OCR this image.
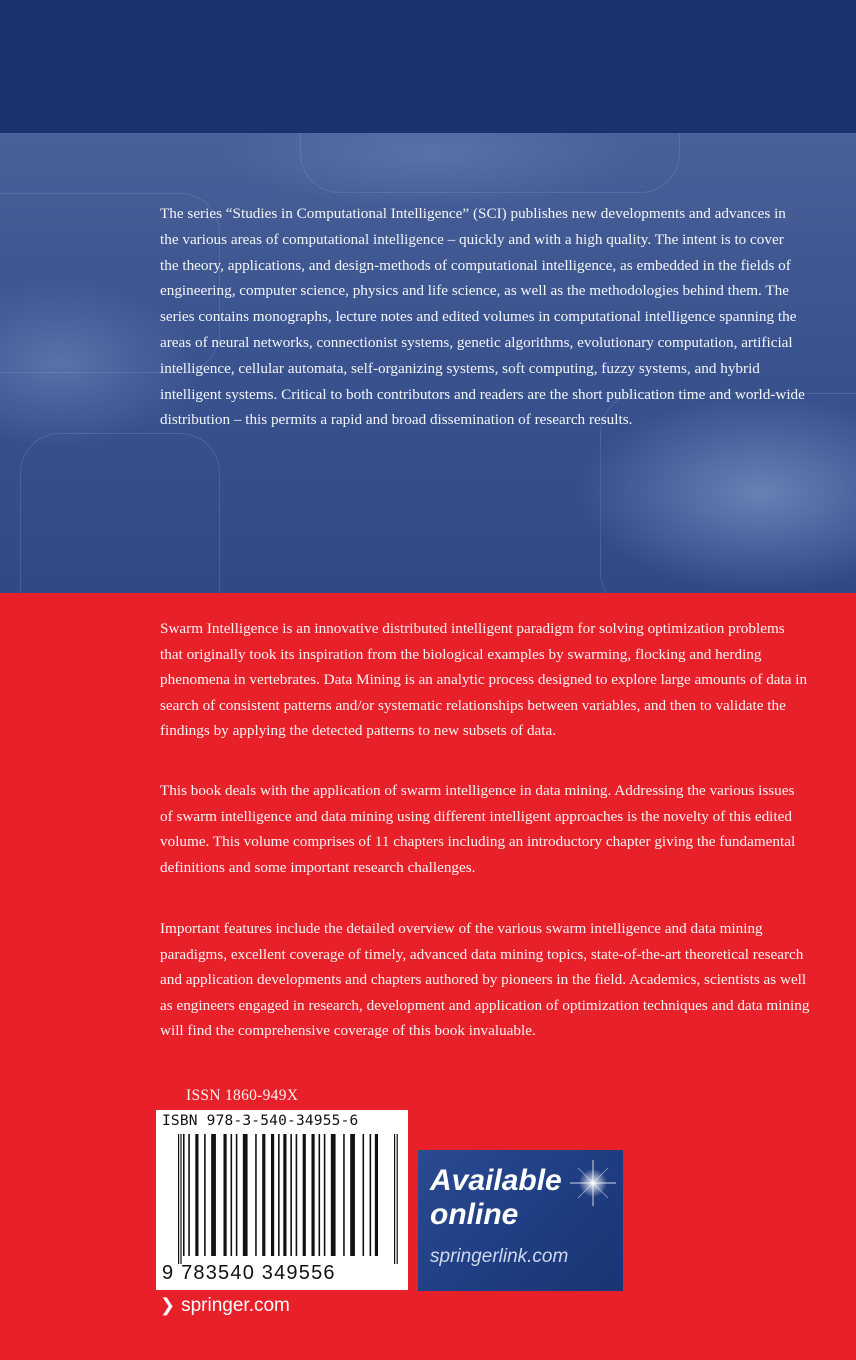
The series “Studies in Computational Intelligence” (SCI) publishes new developments and advances in the various areas of computational intelligence – quickly and with a high quality. The intent is to cover the theory, applications, and design-methods of computational intelligence, as embedded in the fields of engineering, computer science, physics and life science, as well as the methodologies behind them. The series contains monographs, lecture notes and edited volumes in computational intelligence spanning the areas of neural networks, connectionist systems, genetic algorithms, evolutionary computation, artificial intelligence, cellular automata, self-organizing systems, soft computing, fuzzy systems, and hybrid intelligent systems. Critical to both contributors and readers are the short publication time and world-wide distribution – this permits a rapid and broad dissemination of research results.

Swarm Intelligence is an innovative distributed intelligent paradigm for solving optimization problems that originally took its inspiration from the biological examples by swarming, flocking and herding phenomena in vertebrates. Data Mining is an analytic process designed to explore large amounts of data in search of consistent patterns and/or systematic relationships between variables, and then to validate the findings by applying the detected patterns to new subsets of data.

This book deals with the application of swarm intelligence in data mining. Addressing the various issues of swarm intelligence and data mining using different intelligent approaches is the novelty of this edited volume. This volume comprises of 11 chapters including an introductory chapter giving the fundamental definitions and some important research challenges.

Important features include the detailed overview of the various swarm intelligence and data mining paradigms, excellent coverage of timely, advanced data mining topics, state-of-the-art theoretical research and application developments and chapters authored by pioneers in the field. Academics, scientists as well as engineers engaged in research, development and application of optimization techniques and data mining will find the comprehensive coverage of this book invaluable.

ISSN 1860-949X
ISBN 978-3-540-34955-6
9 783540 349556
❯ springer.com
Available online
springerlink.com
